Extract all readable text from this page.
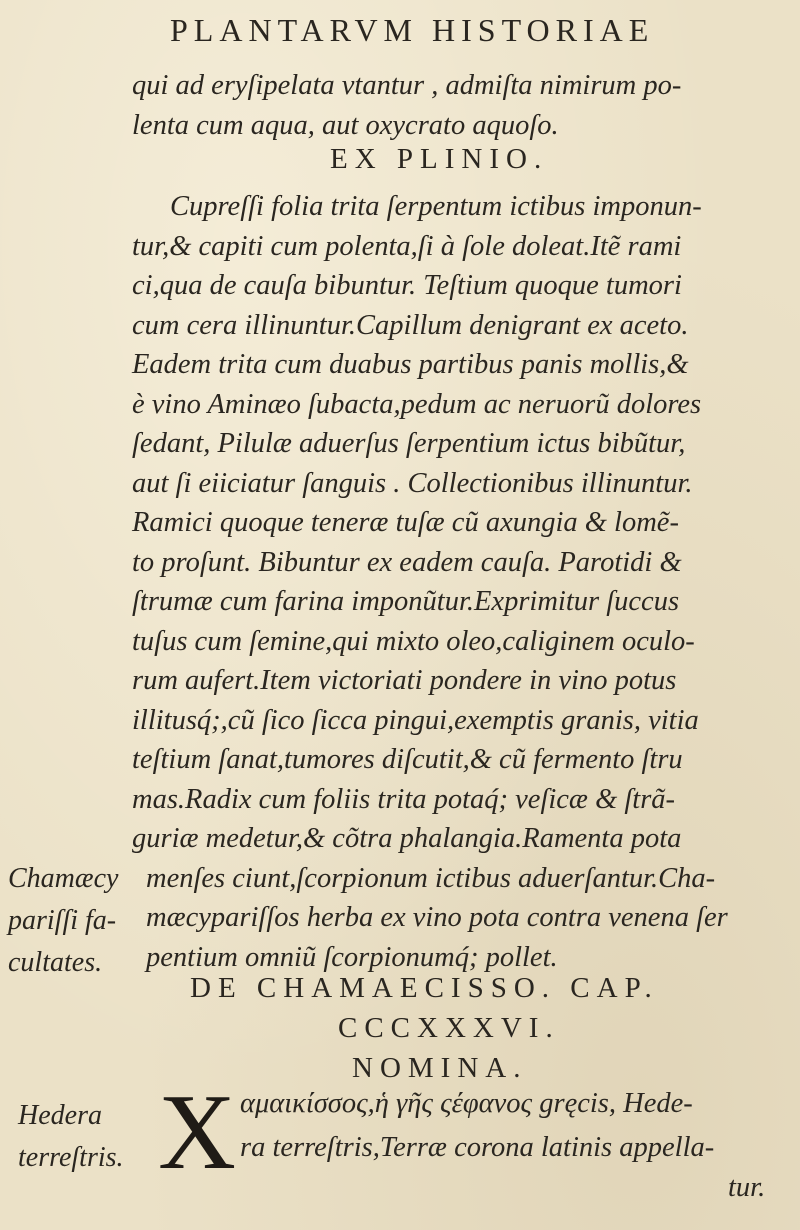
PLANTARVM HISTORIAE
qui ad eryſipelata vtantur , admiſta nimirum po-
lenta cum aqua, aut oxycrato aquoſo.
EX PLINIO.
Cupreſſi folia trita ſerpentum ictibus imponun-
tur,& capiti cum polenta,ſi à ſole doleat.Itẽ rami
ci,qua de cauſa bibuntur. Teſtium quoque tumori
cum cera illinuntur.Capillum denigrant ex aceto.
Eadem trita cum duabus partibus panis mollis,&
è vino Aminæo ſubacta,pedum ac neruorũ dolores
ſedant, Pilulæ aduerſus ſerpentium ictus bibũtur,
aut ſi eiiciatur ſanguis . Collectionibus illinuntur.
Ramici quoque teneræ tuſæ cũ axungia & lomẽ-
to proſunt. Bibuntur ex eadem cauſa. Parotidi &
ſtrumæ cum farina imponũtur.Exprimitur ſuccus
tuſus cum ſemine,qui mixto oleo,caliginem oculo-
rum aufert.Item victoriati pondere in vino potus
illitusq́;,cũ ſico ſicca pingui,exemptis granis, vitia
teſtium ſanat,tumores diſcutit,& cũ fermento ſtru
mas.Radix cum foliis trita potaq́; veſicæ & ſtrã-
guriæ medetur,& cõtra phalangia.Ramenta pota
menſes ciunt,ſcorpionum ictibus aduerſantur.Cha-
mæcypariſſos herba ex vino pota contra venena ſer
pentium omniũ ſcorpionumq́; pollet.
Chamæcy
pariſſi fa-
cultates.
DE CHAMAECISSO. CAP.
CCCXXXVI.
NOMINA.
Hedera
terreſtris. X αμαικίσσος,ἡ γῆς ςέφανος gręcis, Hede-
ra terreſtris,Terræ corona latinis appella-
tur.
